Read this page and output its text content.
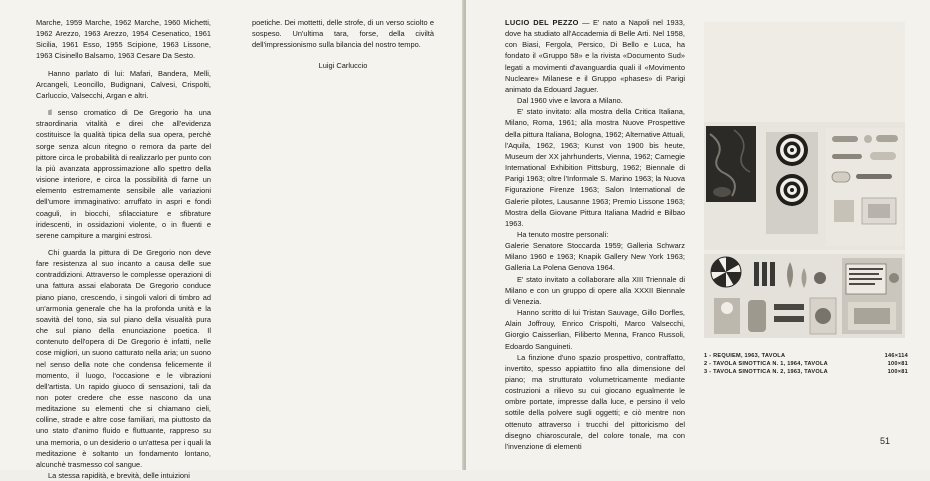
Marche, 1959 Marche, 1962 Marche, 1960 Michetti, 1962 Arezzo, 1963 Arezzo, 1954 Cesenatico, 1961 Sicilia, 1961 Esso, 1955 Scipione, 1963 Lissone, 1963 Cisinello Balsamo, 1963 Cesare Da Sesto.

Hanno parlato di lui: Mafari, Bandera, Melli, Arcangeli, Leoncillo, Budignani, Calvesi, Crispolti, Carluccio, Valsecchi, Argan e altri.

Il senso cromatico di De Gregorio ha una straordinaria vitalità e direi che all'evidenza costituisce la qualità tipica della sua opera, perchè sorge senza alcun ritegno o remora da parte del pittore circa le probabilità di realizzarlo per punto con la più avanzata approssimazione allo spettro della visione interiore, e circa la possibilità di farne un elemento estremamente sensibile alle variazioni dell'umore immaginativo: arruffato in aspri e fondi coaguli, in biocchi, sfilacciature e sfibrature iridescenti, in ossidazioni violente, o in fluenti e serene campiture a margini estrosi.

Chi guarda la pittura di De Gregorio non deve fare resistenza al suo incanto a causa delle sue contraddizioni. Attraverso le complesse operazioni di una fattura assai elaborata De Gregorio conduce piano piano, crescendo, i singoli valori di timbro ad un'armonia generale che ha la profonda unità e la soavità del tono, sia sul piano della visualità pura che sul piano della enunciazione poetica. Il contenuto dell'opera di De Gregorio è infatti, nelle cose migliori, un suono catturato nella aria; un suono nel senso della note che condensa felicemente il momento, il luogo, l'occasione e le vibrazioni dell'artista. Un rapido giuoco di sensazioni, tali da non poter credere che esse nascono da una meditazione su elementi che si chiamano cieli, colline, strade e altre cose familiari, ma piuttosto da uno stato d'animo fluido e fluttuante, rappreso su una memoria, o un desiderio o un'attesa per i quali la meditazione è soltanto un fondamento lontano, alcunchè trasmesso col sangue.

La stessa rapidità, e brevità, delle intuizioni

poetiche. Dei mottetti, delle strofe, di un verso sciolto e sospeso. Un'ultima tara, forse, della civiltà dell'impressionismo sulla bilancia del nostro tempo.

Luigi Carluccio

LUCIO DEL PEZZO — E' nato a Napoli nel 1933, dove ha studiato all'Accademia di Belle Arti. Nel 1958, con Biasi, Fergola, Persico, Di Bello e Luca, ha fondato il «Gruppo 58» e la rivista «Documento Sud» legati a movimenti d'avanguardia quali il «Movimento Nucleare» Milanese e il Gruppo «phases» di Parigi animato da Edouard Jaguer.

Dal 1960 vive e lavora a Milano.

E' stato invitato: alla mostra della Critica Italiana, Milano, Roma, 1961; alla mostra Nuove Prospettive della pittura Italiana, Bologna, 1962; Alternative Attuali, l'Aquila, 1962, 1963; Kunst von 1900 bis heute, Museum der XX jahrhunderts, Vienna, 1962; Carnegie International Exhibition Pittsburg, 1962; Biennale di Parigi 1963; oltre l'Informale S. Marino 1963; la Nuova Figurazione Firenze 1963; Salon International de Galerie pilotes, Lausanne 1963; Premio Lissone 1963; Mostra della Giovane Pittura Italiana Madrid e Bilbao 1963.

Ha tenuto mostre personali:

Galerie Senatore Stoccarda 1959; Galleria Schwarz Milano 1960 e 1963; Knapik Gallery New York 1963; Galleria La Polena Genova 1964.

E' stato invitato a collaborare alla XIII Triennale di Milano e con un gruppo di opere alla XXXII Biennale di Venezia.

Hanno scritto di lui Tristan Sauvage, Gillo Dorfles, Alain Joffrouy, Enrico Crispolti, Marco Valsecchi, Giorgio Caisserlian, Filiberto Menna, Franco Russoli, Edoardo Sanguineti.

La finzione d'uno spazio prospettivo, contraffatto, invertito, spesso appiattito fino alla dimensione del piano; ma strutturato volumetricamente mediante costruzioni a rilievo su cui giocano egualmente le ombre portate, impresse dalla luce, e persino il velo sottile della polvere sugli oggetti; e ciò mentre non ottenuto attraverso i trucchi del pittoricismo del disegno chiaroscurale, del colore tonale, ma con l'invenzione di elementi

1 - REQUIEM, 1963, TAVOLA	146×114
2 - TAVOLA SINOTTICA N. 1, 1964, TAVOLA	100×81
3 - TAVOLA SINOTTICA N. 2, 1963, TAVOLA	100×81
51
